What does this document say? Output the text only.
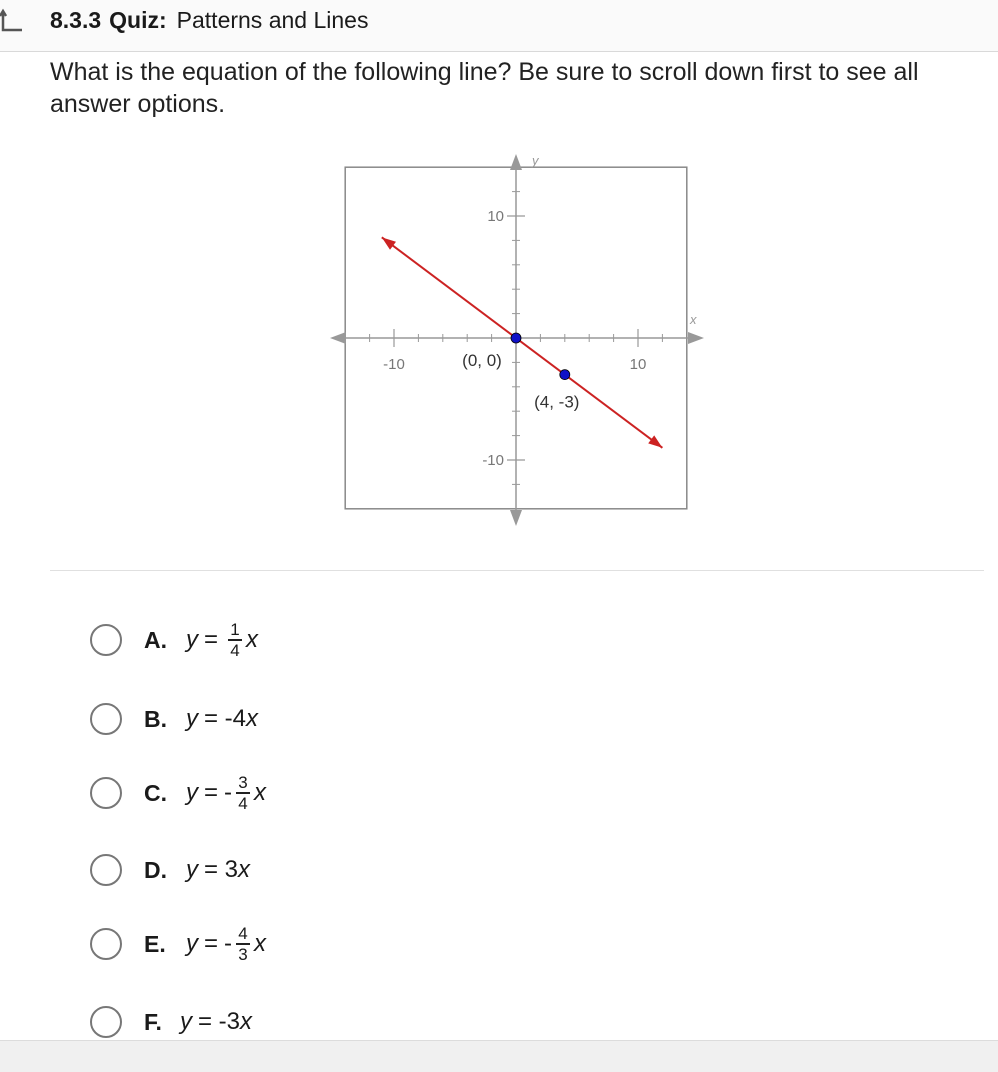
8.3.3 Quiz: Patterns and Lines
What is the equation of the following line? Be sure to scroll down first to see all answer options.
-10	10
10
-10
x
y
(0, 0)
(4, -3)
A. $y = \frac{1}{4}$ x
B. y = -4 x
C. y = - $\frac{3}{4}$ x
D. y = 3 x
E. y = - $\frac{4}{3}$ x
F. y = -3 x
